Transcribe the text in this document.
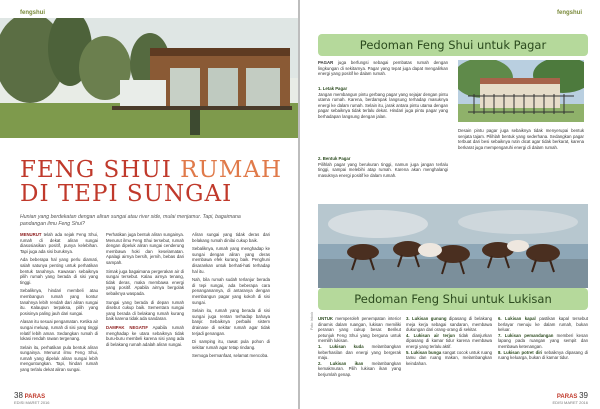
fengshui
FENG SHUI RUMAH
DI TEPI SUNGAI
Hunian yang berdekatan dengan aliran sungai atau river side, mulai menjamur. Tapi, bagaimana pandangan ilmu Feng Shui?

MENURUT telah ada sejak Feng Shui, rumah di dekat aliran sungai diasosiasikan positif, punya kelebihan. Tapi juga ada sisi buruknya.

Ada beberapa hal yang perlu diamati, salah satunya penting untuk perhatikan bentuk tanahnya. Kawasan sebaiknya pilih rumah yang berada di sisi yang tinggi.

Sebaliknya, hindari membeli atau membangun rumah yang kontur tanahnya lebih rendah dari aliran sungai itu. Kalaupun terpaksa, pilih yang posisinya paling jauh dari sungai.

Alasan itu sesuai pengamatan. Ketika air sungai meluap, rumah di sisi yang tinggi relatif lebih aman. Sedangkan rumah di lokasi rendah rawan tergenang.

Selain itu, perhatikan pula bentuk aliran sungainya. Menurut ilmu Feng Shui, rumah yang dipeluk aliran sungai lebih menguntungkan. Tapi, hindari rumah yang terlalu dekat aliran sungai.

Perhatikan juga bentuk aliran sungainya. Menurut ilmu Feng Shui tersebut, rumah dengan dipeluk aliran sungai cenderung membawa hoki dan keselamatan. Apalagi airnya bersih, jernih, bebas dari sampah.

Simak juga bagaimana pergerakan air di sungai tersebut. Kalau airnya tenang, tidak deras, maka membawa energi yang positif. Apabila airnya bergolak sebaiknya waspada.

Sungai yang berada di depan rumah disebut cukup baik. Sementara sungai yang berada di belakang rumah kurang baik karena tidak ada sandaran.

DAMPAK NEGATIF Apabila rumah menghadap ke utara sebaiknya tidak buru-buru membeli karena sisi yang ada di belakang rumah adalah aliran sungai.

Aliran sungai yang tidak deras dari belakang rumah dinilai cukup baik.

Sebaliknya, rumah yang menghadap ke sungai dengan aliran yang deras membawa efek kurang baik. Penghuni disarankan untuk berhati-hati terhadap hal itu.

Nah, bila rumah sudah terlanjur berada di tepi sungai, ada beberapa cara penanganannya, di antaranya dengan membangun pagar yang kokoh di sisi sungai.

Selain itu, rumah yang berada di sisi sungai juga rentan terhadap bahaya banjir. Sebaiknya perbaiki sistem drainase di sekitar rumah agar tidak terjadi genangan.

Di samping itu, rawat pula pohon di sekitar rumah agar tetap rindang.

Semoga bermanfaat, selamat mencoba.

38 PARAS
EDISI MARET 2016
fengshui
Pedoman Feng Shui untuk Pagar
PAGAR juga berfungsi sebagai pembatas rumah dengan lingkungan di sekitarnya. Pagar yang tepat juga dapat mengalirkan energi yang positif ke dalam rumah.
1. Letak Pagar
Jangan membangun pintu gerbang pagar yang sejajar dengan pintu utama rumah. Karena, berdampak langsung terhadap masuknya energi ke dalam rumah. Selain itu, jarak antara pintu utama dengan pagar sebaiknya tidak terlalu dekat. Hindari juga pintu pagar yang berhadapan langsung dengan jalan.
2. Bentuk Pagar
Pilihlah pagar yang berukuran tinggi, namun juga jangan terlalu tinggi, sampai melebihi atap rumah. Karena akan menghalangi masuknya energi positif ke dalam rumah.
Desain pintu pagar juga sebaiknya tidak menyerupai bentuk senjata tajam. Pilihlah bentuk yang sederhana. Sedangkan pagar terbuat dari besi sebaiknya rutin dicat agar tidak berkarat, karena berkarat juga mempengaruhi energi di dalam rumah.
Pedoman Feng Shui untuk Lukisan
Foto: Istock UNTUK memperoleh penempatan interior dinamis dalam ruangan, lukisan memiliki peranan yang cukup besar. Berikut petunjuk Feng Shui yang berguna untuk memilih lukisan.

1. Lukisan kuda melambangkan keberhasilan dan energi yang bergerak maju.

2. Lukisan ikan melambangkan kemakmuran. Pilih lukisan ikan yang berjumlah genap.

3. Lukisan gunung dipasang di belakang meja kerja sebagai sandaran, membawa dukungan dari orang-orang di sekitar.

4. Lukisan air terjun tidak dianjurkan dipasang di kamar tidur karena membawa energi yang terlalu aktif.

5. Lukisan bunga sangat cocok untuk ruang tamu dan ruang makan, melambangkan keindahan.

6. Lukisan kapal pastikan kapal tersebut berlayar menuju ke dalam rumah, bukan keluar.

7. Lukisan pemandangan memberi kesan lapang pada ruangan yang sempit dan membawa ketenangan.

8. Lukisan potret diri sebaiknya dipasang di ruang keluarga, bukan di kamar tidur.

PARAS 39
EDISI MARET 2016
